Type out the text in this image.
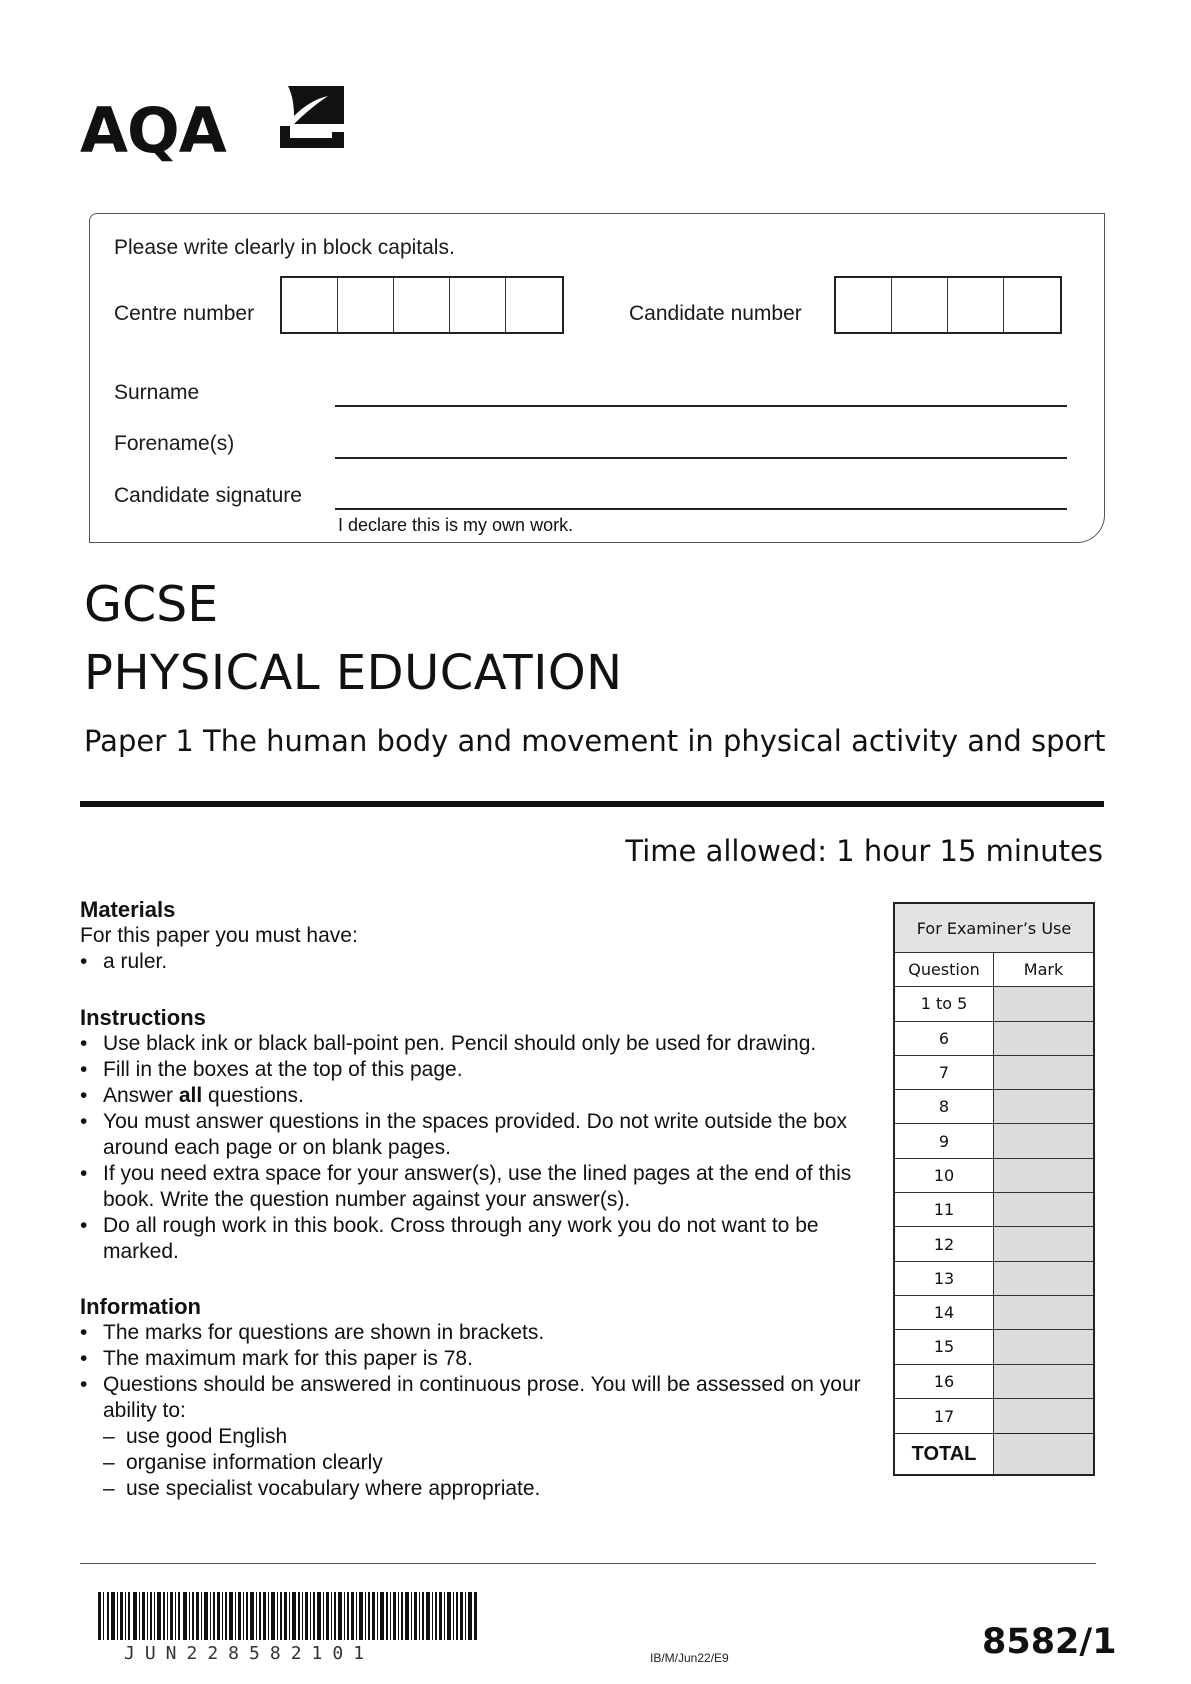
AQA
Please write clearly in block capitals.
Centre number	Candidate number
Surname
Forename(s)
Candidate signature
I declare this is my own work.
GCSE
PHYSICAL EDUCATION
Paper 1 The human body and movement in physical activity and sport
Time allowed: 1 hour 15 minutes
Materials

For this paper you must have:

• a ruler.
Instructions
• Use black ink or black ball-point pen. Pencil should only be used for drawing.
• Fill in the boxes at the top of this page.
• Answer all questions.
• You must answer questions in the spaces provided. Do not write outside the box around each page or on blank pages.
• If you need extra space for your answer(s), use the lined pages at the end of this book. Write the question number against your answer(s).
• Do all rough work in this book. Cross through any work you do not want to be marked.
Information
• The marks for questions are shown in brackets.
• The maximum mark for this paper is 78.
• Questions should be answered in continuous prose. You will be assessed on your ability to:
– use good English
– organise information clearly
– use specialist vocabulary where appropriate.
For Examiner’s Use
Question	Mark
1 to 5
6
7
8
9
10
11
12
13
14
15
16
17
TOTAL
JUN228582101	IB/M/Jun22/E9	8582/1
